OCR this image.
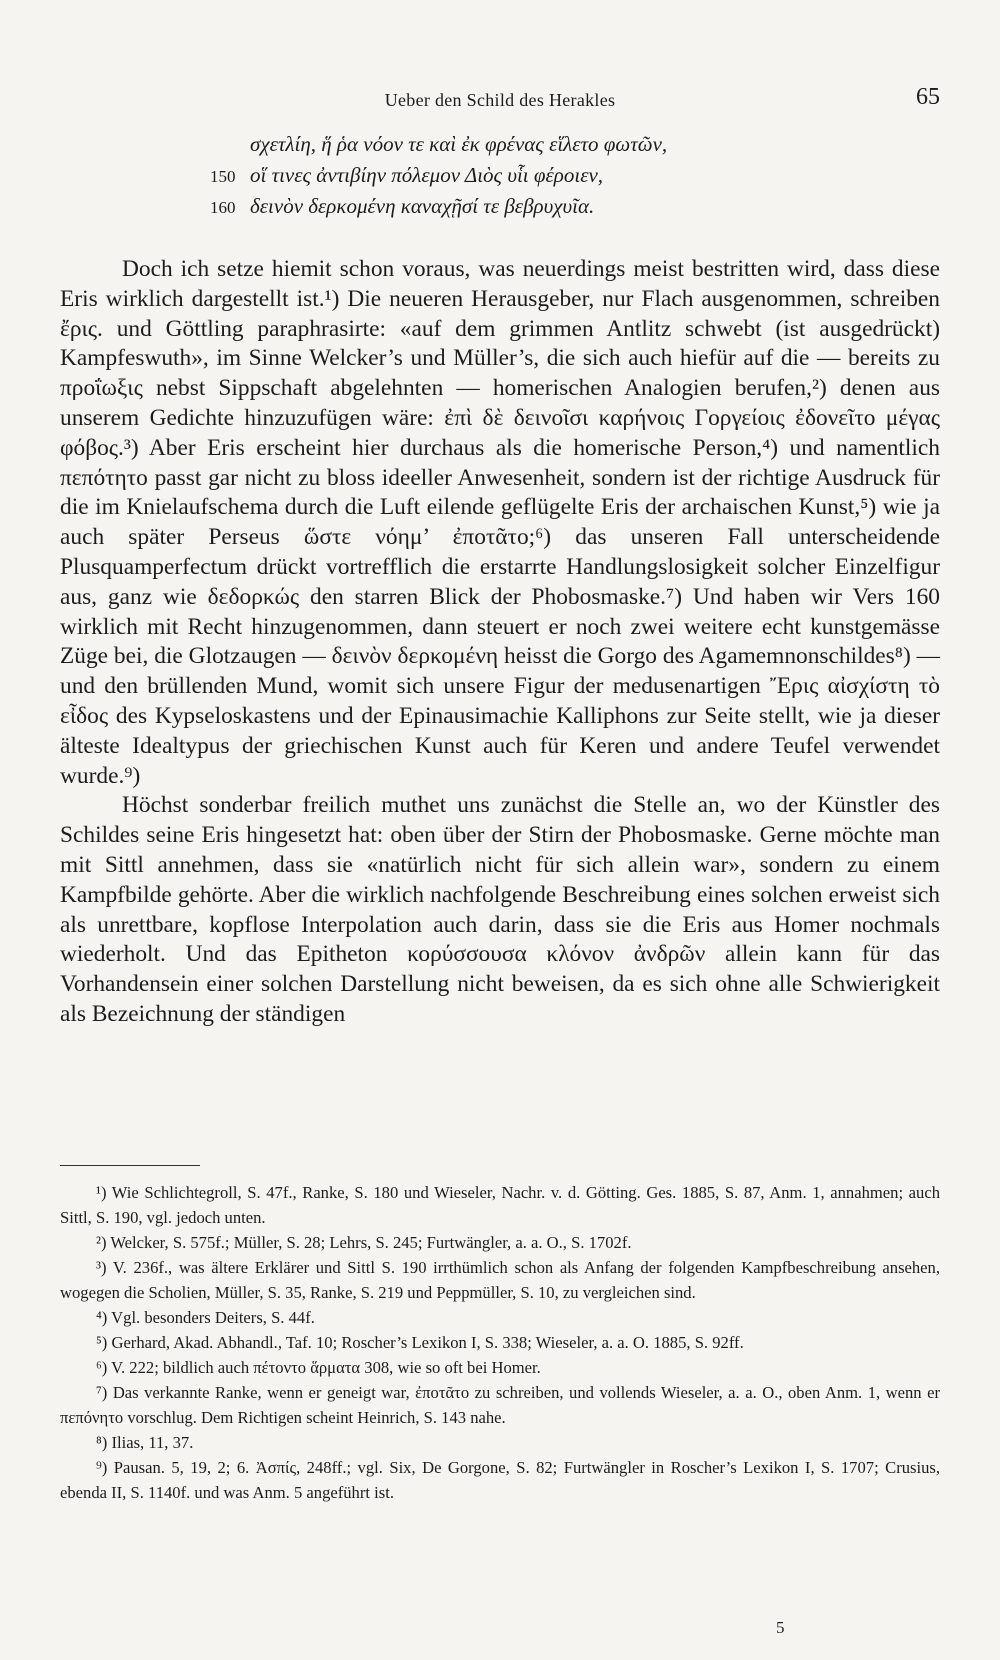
Ueber den Schild des Herakles	65
σχετλίη, ἥ ῥα νόον τε καὶ ἐκ φρένας εἵλετο φωτῶν,
150 οἵ τινες ἀντιβίην πόλεμον Διὸς υἷι φέροιεν,
160 δεινὸν δερκομένη καναχῇσί τε βεβρυχυῖα.

Doch ich setze hiemit schon voraus, was neuerdings meist bestritten wird, dass diese Eris wirklich dargestellt ist.¹) Die neueren Herausgeber, nur Flach ausgenommen, schreiben ἔρις. und Göttling paraphrasirte: «auf dem grimmen Antlitz schwebt (ist ausgedrückt) Kampfeswuth», im Sinne Welcker’s und Müller’s, die sich auch hiefür auf die — bereits zu προΐωξις nebst Sippschaft abgelehnten — homerischen Analogien berufen,²) denen aus unserem Gedichte hinzuzufügen wäre: ἐπὶ δὲ δεινοῖσι καρήνοις Γοργείοις ἐδονεῖτο μέγας φόβος.³) Aber Eris erscheint hier durchaus als die homerische Person,⁴) und namentlich πεπότητο passt gar nicht zu bloss ideeller Anwesenheit, sondern ist der richtige Ausdruck für die im Knielaufschema durch die Luft eilende geflügelte Eris der archaischen Kunst,⁵) wie ja auch später Perseus ὥστε νόημ’ ἐποτᾶτο;⁶) das unseren Fall unterscheidende Plusquamperfectum drückt vortrefflich die erstarrte Handlungslosigkeit solcher Einzelfigur aus, ganz wie δεδορκώς den starren Blick der Phobosmaske.⁷) Und haben wir Vers 160 wirklich mit Recht hinzugenommen, dann steuert er noch zwei weitere echt kunstgemässe Züge bei, die Glotzaugen — δεινὸν δερκομένη heisst die Gorgo des Agamemnonschildes⁸) — und den brüllenden Mund, womit sich unsere Figur der medusenartigen Ἔρις αἰσχίστη τὸ εἶδος des Kypseloskastens und der Epinausimachie Kalliphons zur Seite stellt, wie ja dieser älteste Idealtypus der griechischen Kunst auch für Keren und andere Teufel verwendet wurde.⁹)

Höchst sonderbar freilich muthet uns zunächst die Stelle an, wo der Künstler des Schildes seine Eris hingesetzt hat: oben über der Stirn der Phobosmaske. Gerne möchte man mit Sittl annehmen, dass sie «natürlich nicht für sich allein war», sondern zu einem Kampfbilde gehörte. Aber die wirklich nachfolgende Beschreibung eines solchen erweist sich als unrettbare, kopflose Interpolation auch darin, dass sie die Eris aus Homer nochmals wiederholt. Und das Epitheton κορύσσουσα κλόνον ἀνδρῶν allein kann für das Vorhandensein einer solchen Darstellung nicht beweisen, da es sich ohne alle Schwierigkeit als Bezeichnung der ständigen

¹) Wie Schlichtegroll, S. 47f., Ranke, S. 180 und Wieseler, Nachr. v. d. Götting. Ges. 1885, S. 87, Anm. 1, annahmen; auch Sittl, S. 190, vgl. jedoch unten.

²) Welcker, S. 575f.; Müller, S. 28; Lehrs, S. 245; Furtwängler, a. a. O., S. 1702f.

³) V. 236f., was ältere Erklärer und Sittl S. 190 irrthümlich schon als Anfang der folgenden Kampfbeschreibung ansehen, wogegen die Scholien, Müller, S. 35, Ranke, S. 219 und Peppmüller, S. 10, zu vergleichen sind.

⁴) Vgl. besonders Deiters, S. 44f.

⁵) Gerhard, Akad. Abhandl., Taf. 10; Roscher’s Lexikon I, S. 338; Wieseler, a. a. O. 1885, S. 92ff.

⁶) V. 222; bildlich auch πέτοντο ἅρματα 308, wie so oft bei Homer.

⁷) Das verkannte Ranke, wenn er geneigt war, ἐποτᾶτο zu schreiben, und vollends Wieseler, a. a. O., oben Anm. 1, wenn er πεπόνητο vorschlug. Dem Richtigen scheint Heinrich, S. 143 nahe.

⁸) Ilias, 11, 37.

⁹) Pausan. 5, 19, 2; 6. Ἀσπίς, 248ff.; vgl. Six, De Gorgone, S. 82; Furtwängler in Roscher’s Lexikon I, S. 1707; Crusius, ebenda II, S. 1140f. und was Anm. 5 angeführt ist.

5
